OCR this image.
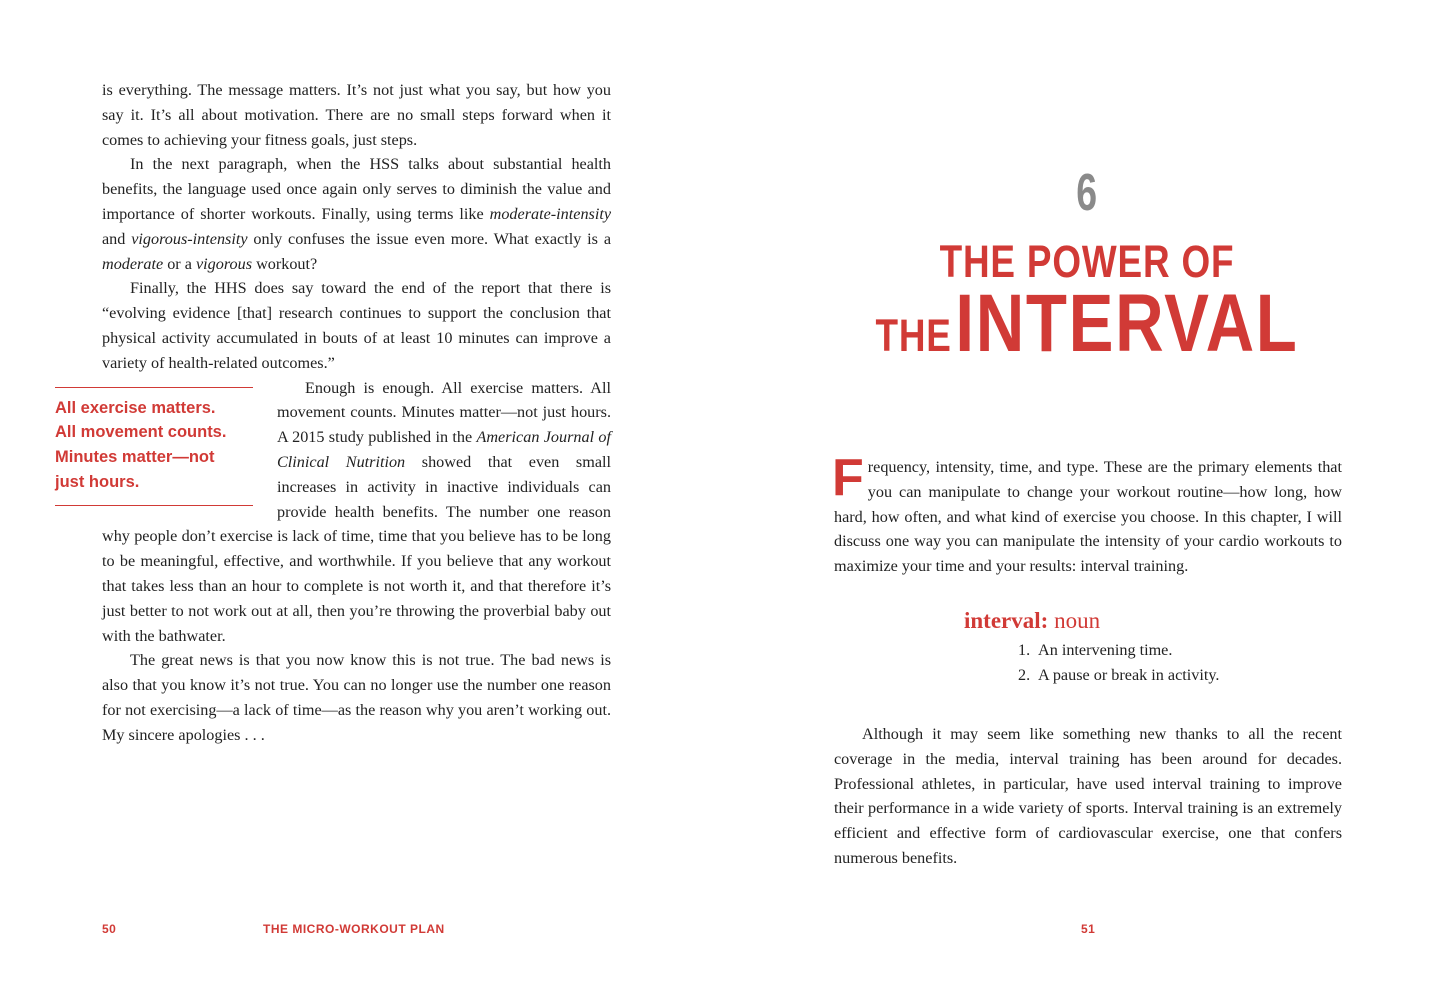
is everything. The message matters. It’s not just what you say, but how you say it. It’s all about motivation. There are no small steps forward when it comes to achieving your fitness goals, just steps.

In the next paragraph, when the HSS talks about substantial health benefits, the language used once again only serves to diminish the value and importance of shorter workouts. Finally, using terms like moderate-intensity and vigorous-intensity only confuses the issue even more. What exactly is a moderate or a vigorous workout?

Finally, the HHS does say toward the end of the report that there is “evolving evidence [that] research continues to support the conclusion that physical activity accumulated in bouts of at least 10 minutes can improve a variety of health-related outcomes.”

All exercise matters.
All movement counts.
Minutes matter—not
just hours.

Enough is enough. All exercise matters. All movement counts. Minutes matter—not just hours. A 2015 study published in the American Journal of Clinical Nutrition showed that even small increases in activity in inactive individuals can provide health benefits. The number one reason why people don’t exercise is lack of time, time that you believe has to be long to be meaningful, effective, and worthwhile. If you believe that any workout that takes less than an hour to complete is not worth it, and that therefore it’s just better to not work out at all, then you’re throwing the proverbial baby out with the bathwater.

The great news is that you now know this is not true. The bad news is also that you know it’s not true. You can no longer use the number one reason for not exercising—a lack of time—as the reason why you aren’t working out. My sincere apologies . . .

50	THE MICRO-WORKOUT PLAN
6
THE POWER OF
THE INTERVAL

Frequency, intensity, time, and type. These are the primary elements that you can manipulate to change your workout routine—how long, how hard, how often, and what kind of exercise you choose. In this chapter, I will discuss one way you can manipulate the intensity of your cardio workouts to maximize your time and your results: interval training.

interval: noun
1. An intervening time.
2. A pause or break in activity.

Although it may seem like something new thanks to all the recent coverage in the media, interval training has been around for decades. Professional athletes, in particular, have used interval training to improve their performance in a wide variety of sports. Interval training is an extremely efficient and effective form of cardiovascular exercise, one that confers numerous benefits.

51
